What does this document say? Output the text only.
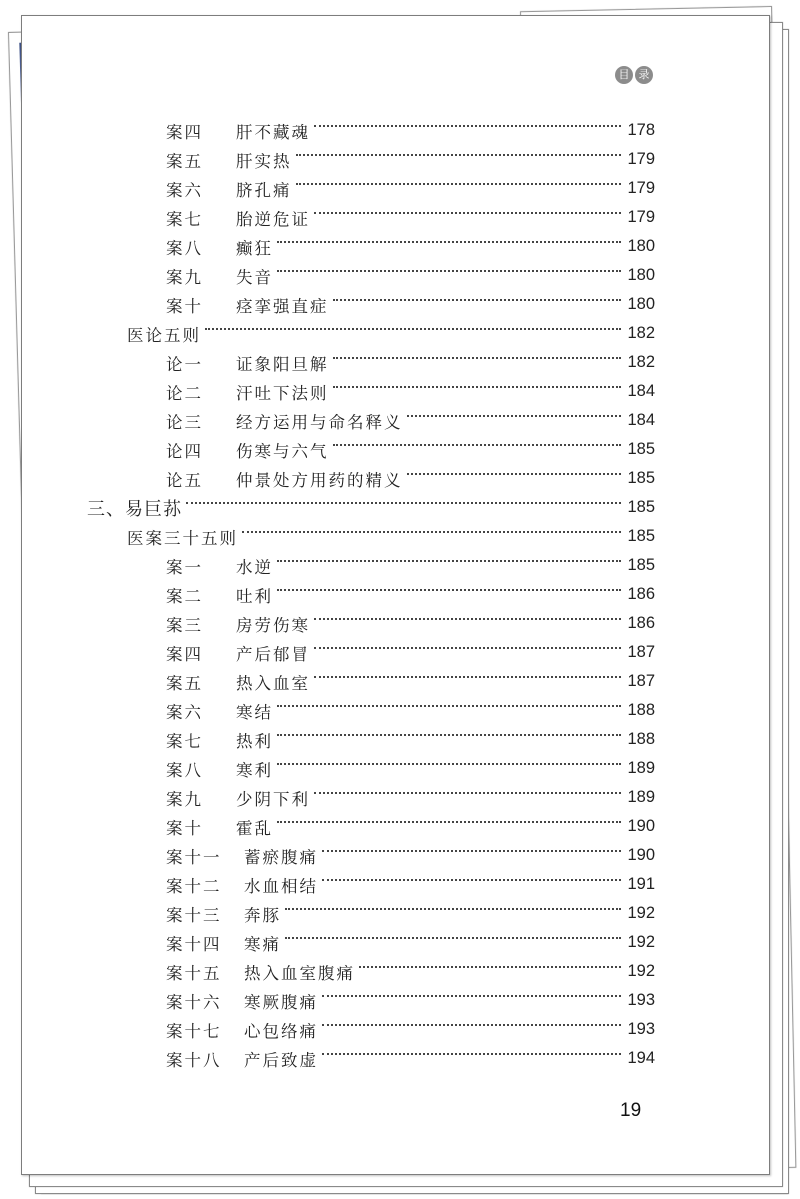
目 录
案四	肝不藏魂	178
案五	肝实热	179
案六	脐孔痛	179
案七	胎逆危证	179
案八	癫狂	180
案九	失音	180
案十	痉挛强直症	180
医论五则	182
论一	证象阳旦解	182
论二	汗吐下法则	184
论三	经方运用与命名释义	184
论四	伤寒与六气	185
论五	仲景处方用药的精义	185
三、易巨荪	185
医案三十五则	185
案一	水逆	185
案二	吐利	186
案三	房劳伤寒	186
案四	产后郁冒	187
案五	热入血室	187
案六	寒结	188
案七	热利	188
案八	寒利	189
案九	少阴下利	189
案十	霍乱	190
案十一	蓄瘀腹痛	190
案十二	水血相结	191
案十三	奔豚	192
案十四	寒痛	192
案十五	热入血室腹痛	192
案十六	寒厥腹痛	193
案十七	心包络痛	193
案十八	产后致虚	194
19
